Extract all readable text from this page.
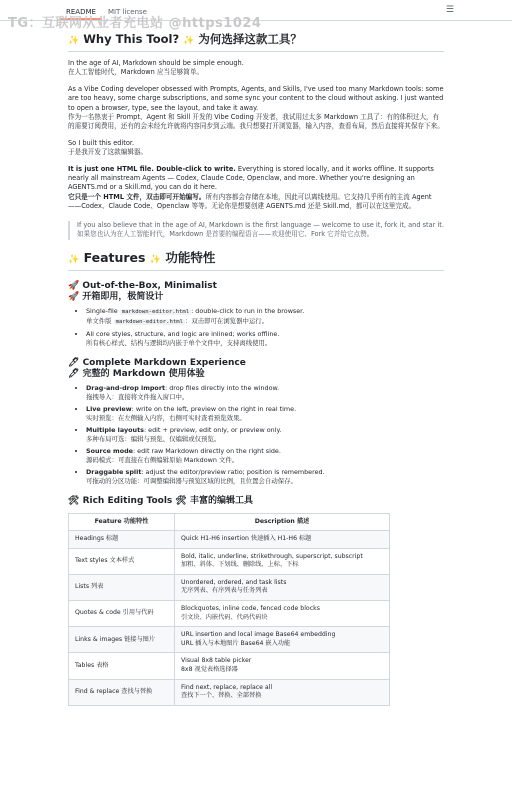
TG：互联网从业者充电站 @https1024
README	MIT license	☰
✨ Why This Tool? ✨ 为何选择这款工具？

In the age of AI, Markdown should be simple enough.
在人工智能时代，Markdown 应当足够简单。

As a Vibe Coding developer obsessed with Prompts, Agents, and Skills, I've used too many Markdown tools: some are too heavy, some charge subscriptions, and some sync your content to the cloud without asking. I just wanted to open a browser, type, see the layout, and take it away.
作为一名热衷于 Prompt、Agent 和 Skill 开发的 Vibe Coding 开发者，我试用过太多 Markdown 工具了：有的体积过大，有的需要订阅费用，还有的会未经允许就将内容同步到云端。我只想要打开浏览器，输入内容，查看布局，然后直接将其保存下来。

So I built this editor.
于是我开发了这款编辑器。

It is just one HTML file. Double-click to write. Everything is stored locally, and it works offline. It supports nearly all mainstream Agents — Codex, Claude Code, Openclaw, and more. Whether you're designing an AGENTS.md or a Skill.md, you can do it here.
它只是一个 HTML 文件，双击即可开始编写。所有内容都会存储在本地，因此可以离线使用。它支持几乎所有的主流 Agent——Codex、Claude Code、Openclaw 等等。无论你是想要创建 AGENTS.md 还是 Skill.md，都可以在这里完成。

If you also believe that in the age of AI, Markdown is the first language — welcome to use it, fork it, and star it.
如果您也认为在人工智能时代，Markdown 是首要的编程语言——欢迎使用它、Fork 它并给它点赞。

✨ Features ✨ 功能特性
🚀 Out-of-the-Box, Minimalist
🚀 开箱即用，极简设计
• Single-file markdown-editor.html : double-click to run in the browser.
单文件版 markdown-editor.html ：双击即可在浏览器中运行。
• All core styles, structure, and logic are inlined; works offline.
所有核心样式、结构与逻辑均内嵌于单个文件中，支持离线使用。
🖊 Complete Markdown Experience
🖊 完整的 Markdown 使用体验
• Drag-and-drop import: drop files directly into the window.
拖拽导入：直接将文件拖入窗口中。
• Live preview: write on the left, preview on the right in real time.
实时预览：在左侧输入内容，右侧可实时查看预览效果。
• Multiple layouts: edit + preview, edit only, or preview only.
多种布局可选：编辑与预览、仅编辑或仅预览。
• Source mode: edit raw Markdown directly on the right side.
源码模式：可直接在右侧编辑原始 Markdown 文件。
• Draggable split: adjust the editor/preview ratio; position is remembered.
可拖动的分区功能：可调整编辑器与预览区域的比例，且位置会自动保存。
🛠 Rich Editing Tools 🛠 丰富的编辑工具
Feature 功能特性	Description 描述
Headings 标题	Quick H1-H6 insertion 快速插入 H1-H6 标题
Text styles 文本样式	Bold, italic, underline, strikethrough, superscript, subscript
加粗、斜体、下划线、删除线、上标、下标
Lists 列表	Unordered, ordered, and task lists
无序列表、有序列表与任务列表
Quotes & code 引用与代码	Blockquotes, inline code, fenced code blocks
引文块、内嵌代码、代码代码块
Links & images 链接与图片	URL insertion and local image Base64 embedding
URL 插入与本地图片 Base64 嵌入功能
Tables 表格	Visual 8x8 table picker
8x8 视觉表格选择器
Find & replace 查找与替换	Find next, replace, replace all
查找下一个、替换、全部替换
